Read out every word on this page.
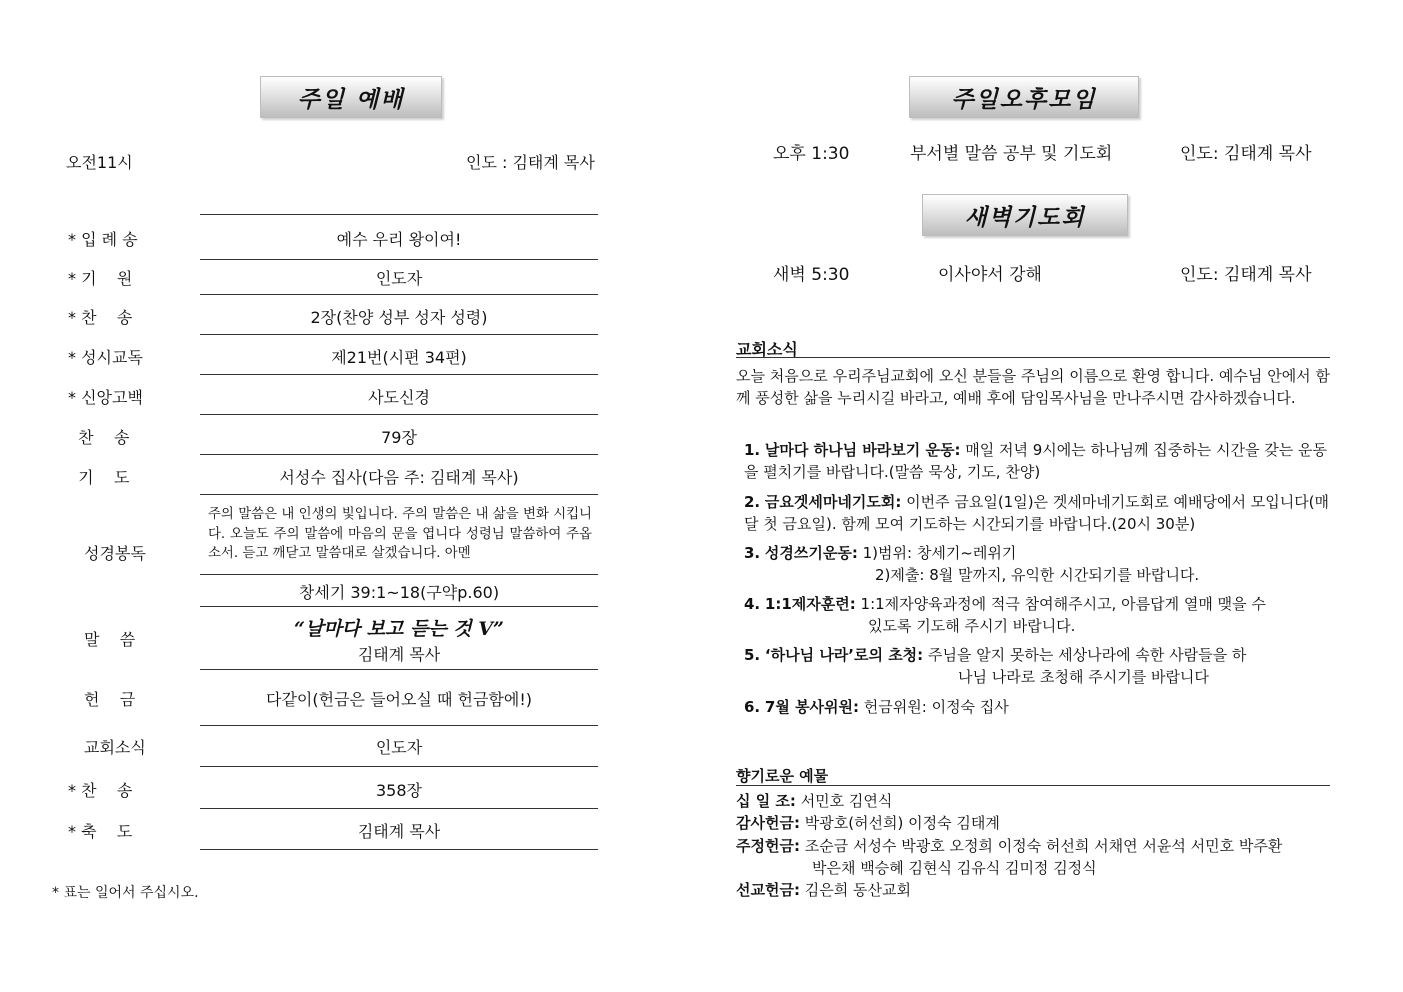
주일 예배
오전11시	인도 : 김태계 목사
* 입 례 송	예수 우리 왕이여!
* 기    원	인도자
* 찬    송	2장(찬양 성부 성자 성령)
* 성시교독	제21번(시편 34편)
* 신앙고백	사도신경
찬    송	79장
기    도	서성수 집사(다음 주: 김태계 목사)
성경봉독
주의 말씀은 내 인생의 빛입니다. 주의 말씀은 내 삶을 변화 시킵니다. 오늘도 주의 말씀에 마음의 문을 엽니다 성령님 말씀하여 주옵소서. 듣고 깨닫고 말씀대로 살겠습니다. 아멘
창세기 39:1~18(구약p.60)
말    씀	“날마다 보고 듣는 것 Ⅴ”
김태계 목사
헌    금	다같이(헌금은 들어오실 때 헌금함에!)
교회소식	인도자
* 찬    송	358장
* 축    도	김태계 목사
* 표는 일어서 주십시오.
주일오후모임
오후 1:30	부서별 말씀 공부 및 기도회	인도: 김태계 목사
새벽기도회
새벽 5:30	이사야서 강해	인도: 김태계 목사
교회소식
오늘 처음으로 우리주님교회에 오신 분들을 주님의 이름으로 환영 합니다. 예수님 안에서 함께 풍성한 삶을 누리시길 바라고, 예배 후에 담임목사님을 만나주시면 감사하겠습니다.
1. 날마다 하나님 바라보기 운동: 매일 저녁 9시에는 하나님께 집중하는 시간을 갖는 운동을 펼치기를 바랍니다.(말씀 묵상, 기도, 찬양)
2. 금요겟세마네기도회: 이번주 금요일(1일)은 겟세마네기도회로 예배당에서 모입니다(매달 첫 금요일). 함께 모여 기도하는 시간되기를 바랍니다.(20시 30분)
3. 성경쓰기운동: 1)범위: 창세기~레위기
2)제출: 8월 말까지, 유익한 시간되기를 바랍니다.
4. 1:1제자훈련: 1:1제자양육과정에 적극 참여해주시고, 아름답게 열매 맺을 수
있도록 기도해 주시기 바랍니다.
5. ‘하나님 나라’로의 초청: 주님을 알지 못하는 세상나라에 속한 사람들을 하
나님 나라로 초청해 주시기를 바랍니다
6. 7월 봉사위원: 헌금위원: 이정숙 집사
향기로운 예물
십 일 조: 서민호 김연식
감사헌금: 박광호(허선희) 이정숙 김태계
주정헌금: 조순금 서성수 박광호 오정희 이정숙 허선희 서채연 서윤석 서민호 박주환
박은채 백승혜 김현식 김유식 김미정 김정식
선교헌금: 김은희 동산교회
